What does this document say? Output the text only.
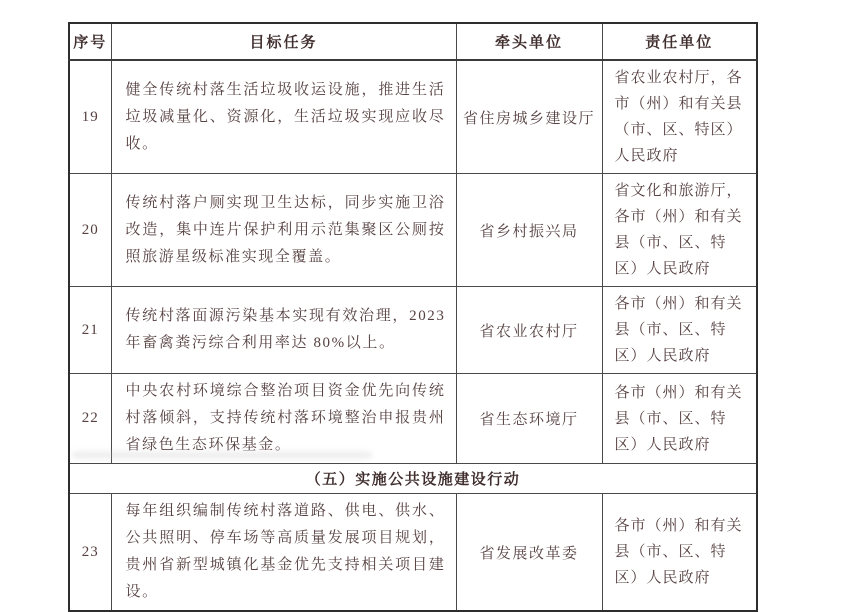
序号	目标任务	牵头单位	责任单位
19	健全传统村落生活垃圾收运设施，推进生活垃圾减量化、资源化，生活垃圾实现应收尽收。	省住房城乡建设厅	省农业农村厅，各市（州）和有关县（市、区、特区）人民政府
20	传统村落户厕实现卫生达标，同步实施卫浴改造，集中连片保护利用示范集聚区公厕按照旅游星级标准实现全覆盖。	省乡村振兴局	省文化和旅游厅，各市（州）和有关县（市、区、特区）人民政府
21	传统村落面源污染基本实现有效治理，2023 年畜禽粪污综合利用率达 80%以上。	省农业农村厅	各市（州）和有关县（市、区、特区）人民政府
22	中央农村环境综合整治项目资金优先向传统村落倾斜，支持传统村落环境整治申报贵州省绿色生态环保基金。	省生态环境厅	各市（州）和有关县（市、区、特区）人民政府
（五）实施公共设施建设行动			
23	每年组织编制传统村落道路、供电、供水、公共照明、停车场等高质量发展项目规划，贵州省新型城镇化基金优先支持相关项目建设。	省发展改革委	各市（州）和有关县（市、区、特区）人民政府
